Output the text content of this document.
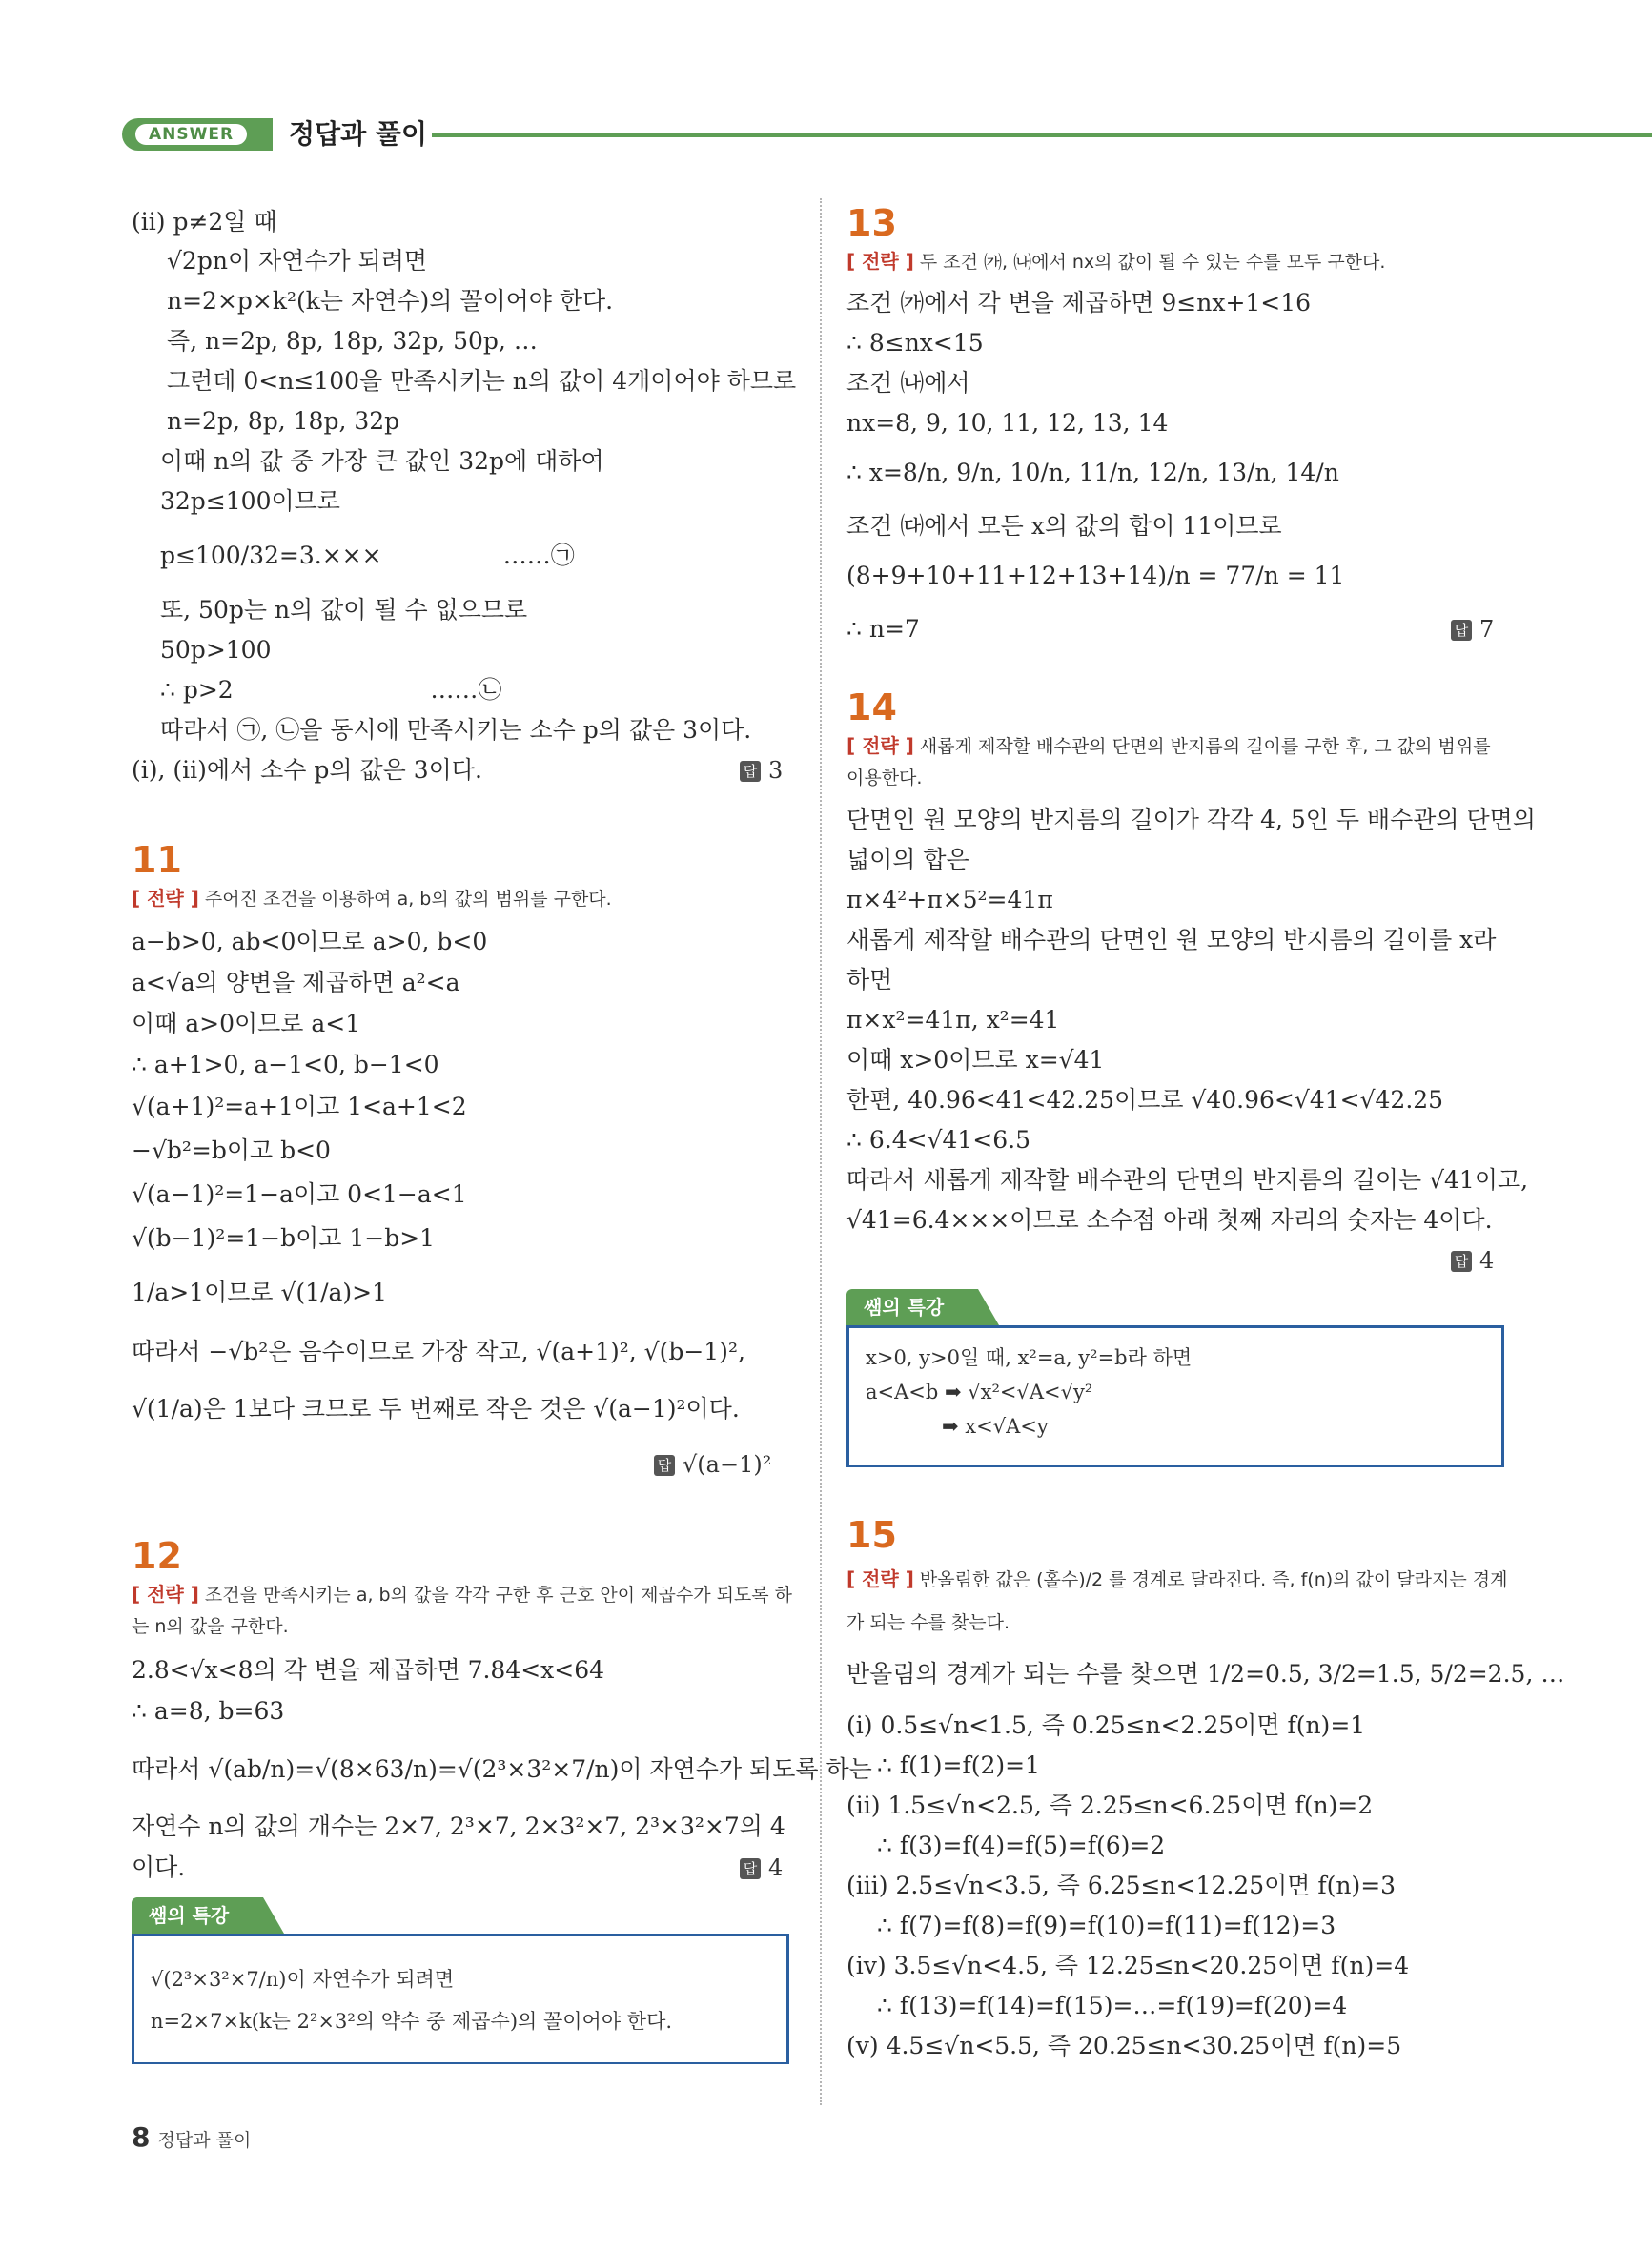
ANSWER	정답과 풀이
(ⅱ) p≠2일 때
√2pn이 자연수가 되려면
n=2×p×k²(k는 자연수)의 꼴이어야 한다.
즉, n=2p, 8p, 18p, 32p, 50p, …
그런데 0<n≤100을 만족시키는 n의 값이 4개이어야 하므로
n=2p, 8p, 18p, 32p
이때 n의 값 중 가장 큰 값인 32p에 대하여
32p≤100이므로
p≤100/32=3.×××                ……㉠
또, 50p는 n의 값이 될 수 없으므로
50p>100
∴ p>2                          ……㉡
따라서 ㉠, ㉡을 동시에 만족시키는 소수 p의 값은 3이다.
(ⅰ), (ⅱ)에서 소수 p의 값은 3이다.	답 3
11
[ 전략 ] 주어진 조건을 이용하여 a, b의 값의 범위를 구한다.
a−b>0, ab<0이므로 a>0, b<0
a<√a의 양변을 제곱하면 a²<a
이때 a>0이므로 a<1
∴ a+1>0, a−1<0, b−1<0
√(a+1)²=a+1이고 1<a+1<2
−√b²=b이고 b<0
√(a−1)²=1−a이고 0<1−a<1
√(b−1)²=1−b이고 1−b>1
1/a>1이므로 √(1/a)>1
따라서 −√b²은 음수이므로 가장 작고, √(a+1)², √(b−1)²,
√(1/a)은 1보다 크므로 두 번째로 작은 것은 √(a−1)²이다.
답 √(a−1)²
12
[ 전략 ] 조건을 만족시키는 a, b의 값을 각각 구한 후 근호 안이 제곱수가 되도록 하
는 n의 값을 구한다.
2.8<√x<8의 각 변을 제곱하면 7.84<x<64
∴ a=8, b=63
따라서 √(ab/n)=√(8×63/n)=√(2³×3²×7/n)이 자연수가 되도록 하는
자연수 n의 값의 개수는 2×7, 2³×7, 2×3²×7, 2³×3²×7의 4
이다.	답 4
쌤의 특강
√(2³×3²×7/n)이 자연수가 되려면
n=2×7×k(k는 2²×3²의 약수 중 제곱수)의 꼴이어야 한다.
13
[ 전략 ] 두 조건 ㈎, ㈏에서 nx의 값이 될 수 있는 수를 모두 구한다.
조건 ㈎에서 각 변을 제곱하면 9≤nx+1<16
∴ 8≤nx<15
조건 ㈏에서
nx=8, 9, 10, 11, 12, 13, 14
∴ x=8/n, 9/n, 10/n, 11/n, 12/n, 13/n, 14/n
조건 ㈐에서 모든 x의 값의 합이 11이므로
(8+9+10+11+12+13+14)/n = 77/n = 11
∴ n=7	답 7
14
[ 전략 ] 새롭게 제작할 배수관의 단면의 반지름의 길이를 구한 후, 그 값의 범위를
이용한다.
단면인 원 모양의 반지름의 길이가 각각 4, 5인 두 배수관의 단면의
넓이의 합은
π×4²+π×5²=41π
새롭게 제작할 배수관의 단면인 원 모양의 반지름의 길이를 x라
하면
π×x²=41π, x²=41
이때 x>0이므로 x=√41
한편, 40.96<41<42.25이므로 √40.96<√41<√42.25
∴ 6.4<√41<6.5
따라서 새롭게 제작할 배수관의 단면의 반지름의 길이는 √41이고,
√41=6.4×××이므로 소수점 아래 첫째 자리의 숫자는 4이다.
답 4
쌤의 특강
x>0, y>0일 때, x²=a, y²=b라 하면
a<A<b ➡ √x²<√A<√y²
➡ x<√A<y
15
[ 전략 ] 반올림한 값은 (홀수)/2 를 경계로 달라진다. 즉, f(n)의 값이 달라지는 경계
가 되는 수를 찾는다.
반올림의 경계가 되는 수를 찾으면 1/2=0.5, 3/2=1.5, 5/2=2.5, …
(ⅰ) 0.5≤√n<1.5, 즉 0.25≤n<2.25이면 f(n)=1
∴ f(1)=f(2)=1
(ⅱ) 1.5≤√n<2.5, 즉 2.25≤n<6.25이면 f(n)=2
∴ f(3)=f(4)=f(5)=f(6)=2
(ⅲ) 2.5≤√n<3.5, 즉 6.25≤n<12.25이면 f(n)=3
∴ f(7)=f(8)=f(9)=f(10)=f(11)=f(12)=3
(ⅳ) 3.5≤√n<4.5, 즉 12.25≤n<20.25이면 f(n)=4
∴ f(13)=f(14)=f(15)=…=f(19)=f(20)=4
(ⅴ) 4.5≤√n<5.5, 즉 20.25≤n<30.25이면 f(n)=5
8 정답과 풀이
